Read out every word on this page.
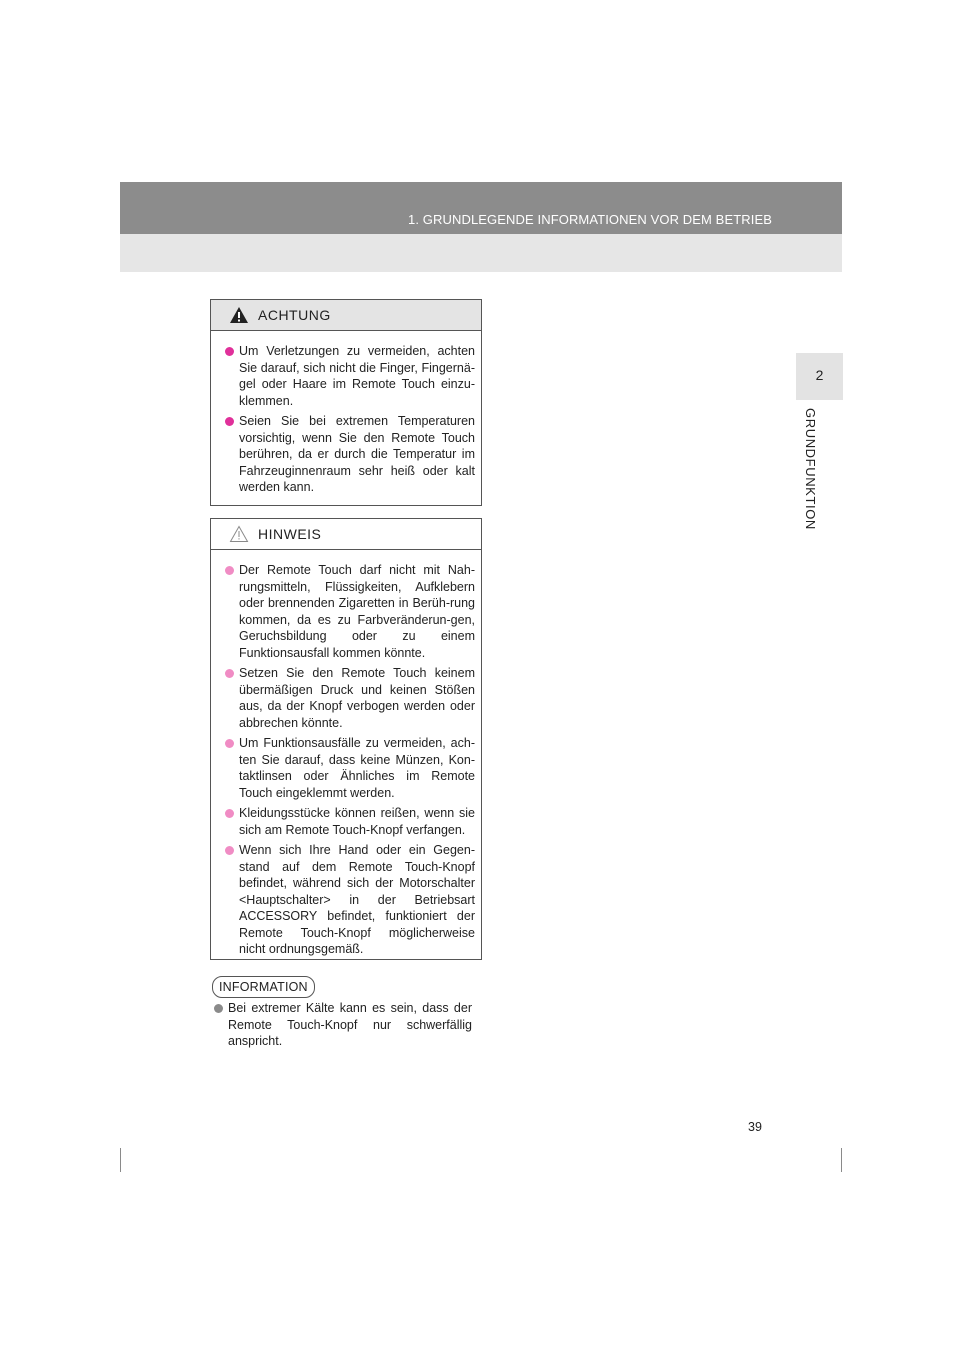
1. GRUNDLEGENDE INFORMATIONEN VOR DEM BETRIEB
2
GRUNDFUNKTION
ACHTUNG
Um Verletzungen zu vermeiden, achten Sie darauf, sich nicht die Finger, Fingernä-gel oder Haare im Remote Touch einzu-klemmen.
Seien Sie bei extremen Temperaturen vorsichtig, wenn Sie den Remote Touch berühren, da er durch die Temperatur im Fahrzeuginnenraum sehr heiß oder kalt werden kann.
HINWEIS
Der Remote Touch darf nicht mit Nah-rungsmitteln, Flüssigkeiten, Aufklebern oder brennenden Zigaretten in Berüh-rung kommen, da es zu Farbveränderun-gen, Geruchsbildung oder zu einem Funktionsausfall kommen könnte.
Setzen Sie den Remote Touch keinem übermäßigen Druck und keinen Stößen aus, da der Knopf verbogen werden oder abbrechen könnte.
Um Funktionsausfälle zu vermeiden, ach-ten Sie darauf, dass keine Münzen, Kon-taktlinsen oder Ähnliches im Remote Touch eingeklemmt werden.
Kleidungsstücke können reißen, wenn sie sich am Remote Touch-Knopf verfangen.
Wenn sich Ihre Hand oder ein Gegen-stand auf dem Remote Touch-Knopf befindet, während sich der Motorschalter <Hauptschalter> in der Betriebsart ACCESSORY befindet, funktioniert der Remote Touch-Knopf möglicherweise nicht ordnungsgemäß.
INFORMATION
Bei extremer Kälte kann es sein, dass der Remote Touch-Knopf nur schwerfällig anspricht.
39
